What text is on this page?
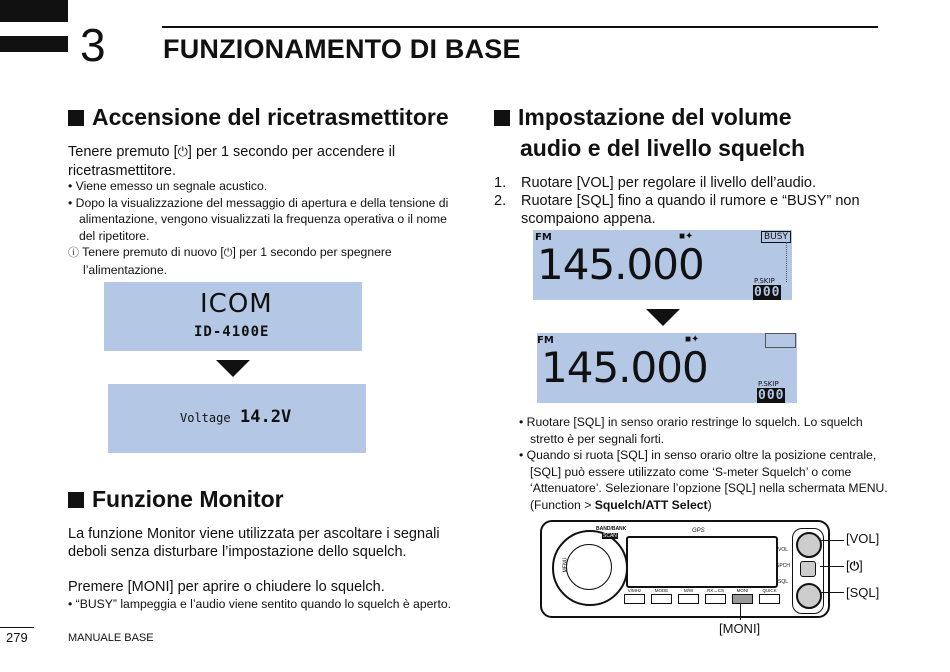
3 FUNZIONAMENTO DI BASE
Accensione del ricetrasmettitore
Tenere premuto [⏻] per 1 secondo per accendere il ricetrasmettitore.
• Viene emesso un segnale acustico.
• Dopo la visualizzazione del messaggio di apertura e della tensione di alimentazione, vengono visualizzati la frequenza operativa o il nome del ripetitore.
ⓘ Tenere premuto di nuovo [⏻] per 1 secondo per spegnere l’alimentazione.
ICOM
ID-4100E
Voltage 14.2V
Funzione Monitor
La funzione Monitor viene utilizzata per ascoltare i segnali deboli senza disturbare l’impostazione dello squelch.
Premere [MONI] per aprire o chiudere lo squelch.
• “BUSY” lampeggia e l’audio viene sentito quando lo squelch è aperto.
Impostazione del volume
audio e del livello squelch
1. Ruotare [VOL] per regolare il livello dell’audio.
2. Ruotare [SQL] fino a quando il rumore e “BUSY” non scompaiono appena.
FM	■✦	BUSY
145.000	P.SKIP
000
FM	■✦
145.000	P.SKIP
000
• Ruotare [SQL] in senso orario restringe lo squelch. Lo squelch stretto è per segnali forti.
• Quando si ruota [SQL] in senso orario oltre la posizione centrale, [SQL] può essere utilizzato come ‘S-meter Squelch’ o come ‘Attenuatore’. Selezionare l’opzione [SQL] nella schermata MENU.
(Function > Squelch/ATT Select)
MENU
BAND/BANK
SCAN
GPS
VOL
SPCH
SQL
V/MHz	MODE	M/W	RX↔CS	MONI	QUICK
[VOL]
[⏻]
[SQL]
[MONI]
279	MANUALE BASE
